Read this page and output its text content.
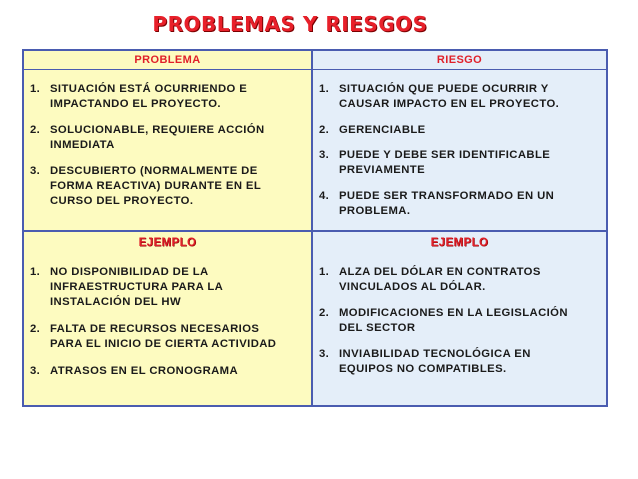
PROBLEMAS Y RIESGOS
PROBLEMA	RIESGO
1. SITUACIÓN ESTÁ OCURRIENDO E IMPACTANDO EL PROYECTO.
2. SOLUCIONABLE, REQUIERE ACCIÓN INMEDIATA
3. DESCUBIERTO (NORMALMENTE DE FORMA REACTIVA) DURANTE EN EL CURSO DEL PROYECTO.
1. SITUACIÓN QUE PUEDE OCURRIR Y CAUSAR IMPACTO EN EL PROYECTO.
2. GERENCIABLE
3. PUEDE Y DEBE SER IDENTIFICABLE PREVIAMENTE
4. PUEDE SER TRANSFORMADO EN UN PROBLEMA.
EJEMPLO	EJEMPLO
1. NO DISPONIBILIDAD DE LA INFRAESTRUCTURA PARA LA INSTALACIÓN DEL HW
2. FALTA DE RECURSOS NECESARIOS PARA EL INICIO DE CIERTA ACTIVIDAD
3. ATRASOS EN EL CRONOGRAMA
1. ALZA DEL DÓLAR EN CONTRATOS VINCULADOS AL DÓLAR.
2. MODIFICACIONES EN LA LEGISLACIÓN DEL SECTOR
3. INVIABILIDAD TECNOLÓGICA EN EQUIPOS NO COMPATIBLES.
